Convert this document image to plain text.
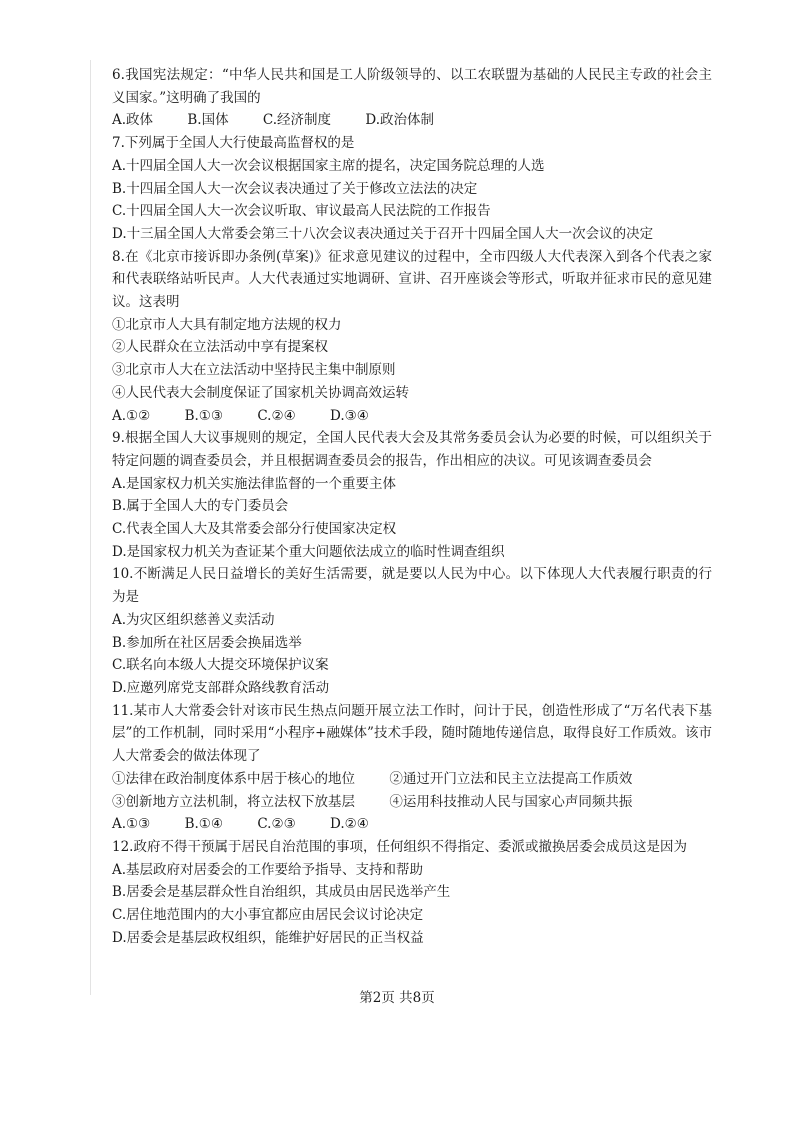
6.我国宪法规定：“中华人民共和国是工人阶级领导的、以工农联盟为基础的人民民主专政的社会主义国家。”这明确了我国的
A.政体        B.国体        C.经济制度        D.政治体制
7.下列属于全国人大行使最高监督权的是
A.十四届全国人大一次会议根据国家主席的提名，决定国务院总理的人选
B.十四届全国人大一次会议表决通过了关于修改立法法的决定
C.十四届全国人大一次会议听取、审议最高人民法院的工作报告
D.十三届全国人大常委会第三十八次会议表决通过关于召开十四届全国人大一次会议的决定
8.在《北京市接诉即办条例(草案)》征求意见建议的过程中，全市四级人大代表深入到各个代表之家和代表联络站听民声。人大代表通过实地调研、宣讲、召开座谈会等形式，听取并征求市民的意见建议。这表明
①北京市人大具有制定地方法规的权力
②人民群众在立法活动中享有提案权
③北京市人大在立法活动中坚持民主集中制原则
④人民代表大会制度保证了国家机关协调高效运转
A.①②        B.①③        C.②④        D.③④
9.根据全国人大议事规则的规定，全国人民代表大会及其常务委员会认为必要的时候，可以组织关于特定问题的调查委员会，并且根据调查委员会的报告，作出相应的决议。可见该调查委员会
A.是国家权力机关实施法律监督的一个重要主体
B.属于全国人大的专门委员会
C.代表全国人大及其常委会部分行使国家决定权
D.是国家权力机关为查证某个重大问题依法成立的临时性调查组织
10.不断满足人民日益增长的美好生活需要，就是要以人民为中心。以下体现人大代表履行职责的行为是
A.为灾区组织慈善义卖活动
B.参加所在社区居委会换届选举
C.联名向本级人大提交环境保护议案
D.应邀列席党支部群众路线教育活动
11.某市人大常委会针对该市民生热点问题开展立法工作时，问计于民，创造性形成了“万名代表下基层”的工作机制，同时采用“小程序+融媒体”技术手段，随时随地传递信息，取得良好工作质效。该市人大常委会的做法体现了
①法律在政治制度体系中居于核心的地位        ②通过开门立法和民主立法提高工作质效
③创新地方立法机制，将立法权下放基层        ④运用科技推动人民与国家心声同频共振
A.①③        B.①④        C.②③        D.②④
12.政府不得干预属于居民自治范围的事项，任何组织不得指定、委派或撤换居委会成员这是因为
A.基层政府对居委会的工作要给予指导、支持和帮助
B.居委会是基层群众性自治组织，其成员由居民选举产生
C.居住地范围内的大小事宜都应由居民会议讨论决定
D.居委会是基层政权组织，能维护好居民的正当权益
第2页 共8页
